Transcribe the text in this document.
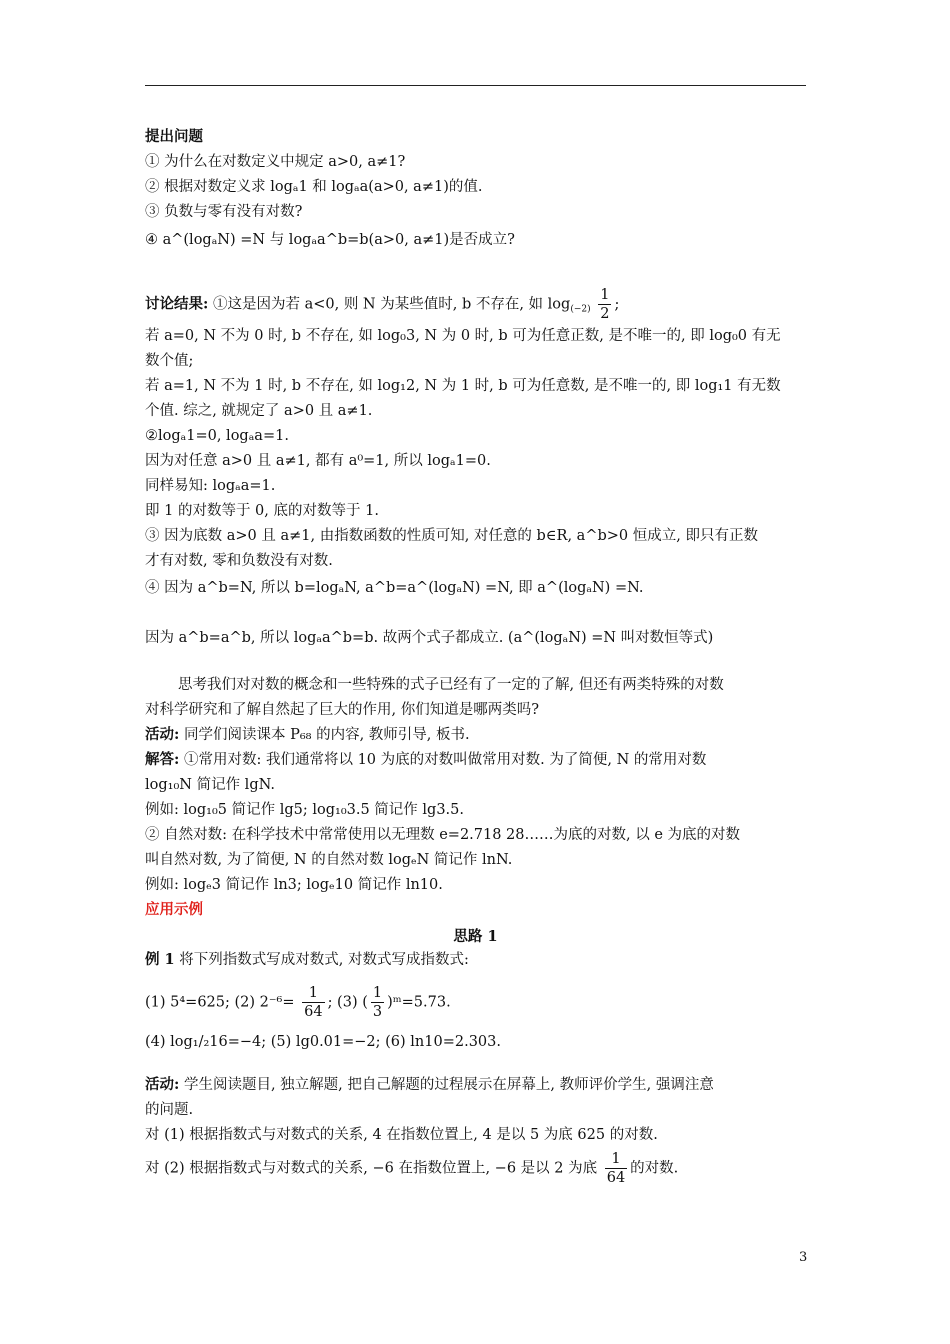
提出问题
① 为什么在对数定义中规定 a>0, a≠1?
② 根据对数定义求 logₐ1 和 logₐa(a>0, a≠1)的值.
③ 负数与零有没有对数?
④ a^(logₐN) =N 与 logₐa^b=b(a>0, a≠1)是否成立?
讨论结果: ①这是因为若 a<0, 则 N 为某些值时, b 不存在, 如 $\log_{(-2)} \frac{1}{2}$ ;
若 a=0, N 不为 0 时, b 不存在, 如 log₀3, N 为 0 时, b 可为任意正数, 是不唯一的, 即 log₀0 有无
数个值;
若 a=1, N 不为 1 时, b 不存在, 如 log₁2, N 为 1 时, b 可为任意数, 是不唯一的, 即 log₁1 有无数
个值. 综之, 就规定了 a>0 且 a≠1.
②logₐ1=0, logₐa=1.
因为对任意 a>0 且 a≠1, 都有 a⁰=1, 所以 logₐ1=0.
同样易知: logₐa=1.
即 1 的对数等于 0, 底的对数等于 1.
③ 因为底数 a>0 且 a≠1, 由指数函数的性质可知, 对任意的 b∈R, a^b>0 恒成立, 即只有正数
才有对数, 零和负数没有对数.
④ 因为 a^b=N, 所以 b=logₐN, a^b=a^(logₐN) =N, 即 a^(logₐN) =N.
因为 a^b=a^b, 所以 logₐa^b=b. 故两个式子都成立. (a^(logₐN) =N 叫对数恒等式)
思考我们对对数的概念和一些特殊的式子已经有了一定的了解, 但还有两类特殊的对数
对科学研究和了解自然起了巨大的作用, 你们知道是哪两类吗?
活动: 同学们阅读课本 P₆₈ 的内容, 教师引导, 板书.
解答: ①常用对数: 我们通常将以 10 为底的对数叫做常用对数. 为了简便, N 的常用对数
log₁₀N 简记作 lgN.
例如: log₁₀5 简记作 lg5; log₁₀3.5 简记作 lg3.5.
② 自然对数: 在科学技术中常常使用以无理数 e=2.718 28……为底的对数, 以 e 为底的对数
叫自然对数, 为了简便, N 的自然对数 logₑN 简记作 lnN.
例如: logₑ3 简记作 ln3; logₑ10 简记作 ln10.
应用示例
思路 1
例 1 将下列指数式写成对数式, 对数式写成指数式:
(1) 5⁴=625; (2) $2^{-6}= \frac{1}{64}$ ; (3) ( $\frac{1}{3}$ )ᵐ=5.73.
(4) log₁/₂16=−4; (5) lg0.01=−2; (6) ln10=2.303.
活动: 学生阅读题目, 独立解题, 把自己解题的过程展示在屏幕上, 教师评价学生, 强调注意
的问题.
对 (1) 根据指数式与对数式的关系, 4 在指数位置上, 4 是以 5 为底 625 的对数.
对 (2) 根据指数式与对数式的关系, −6 在指数位置上, −6 是以 2 为底 $\frac{1}{64}$ 的对数.
3
